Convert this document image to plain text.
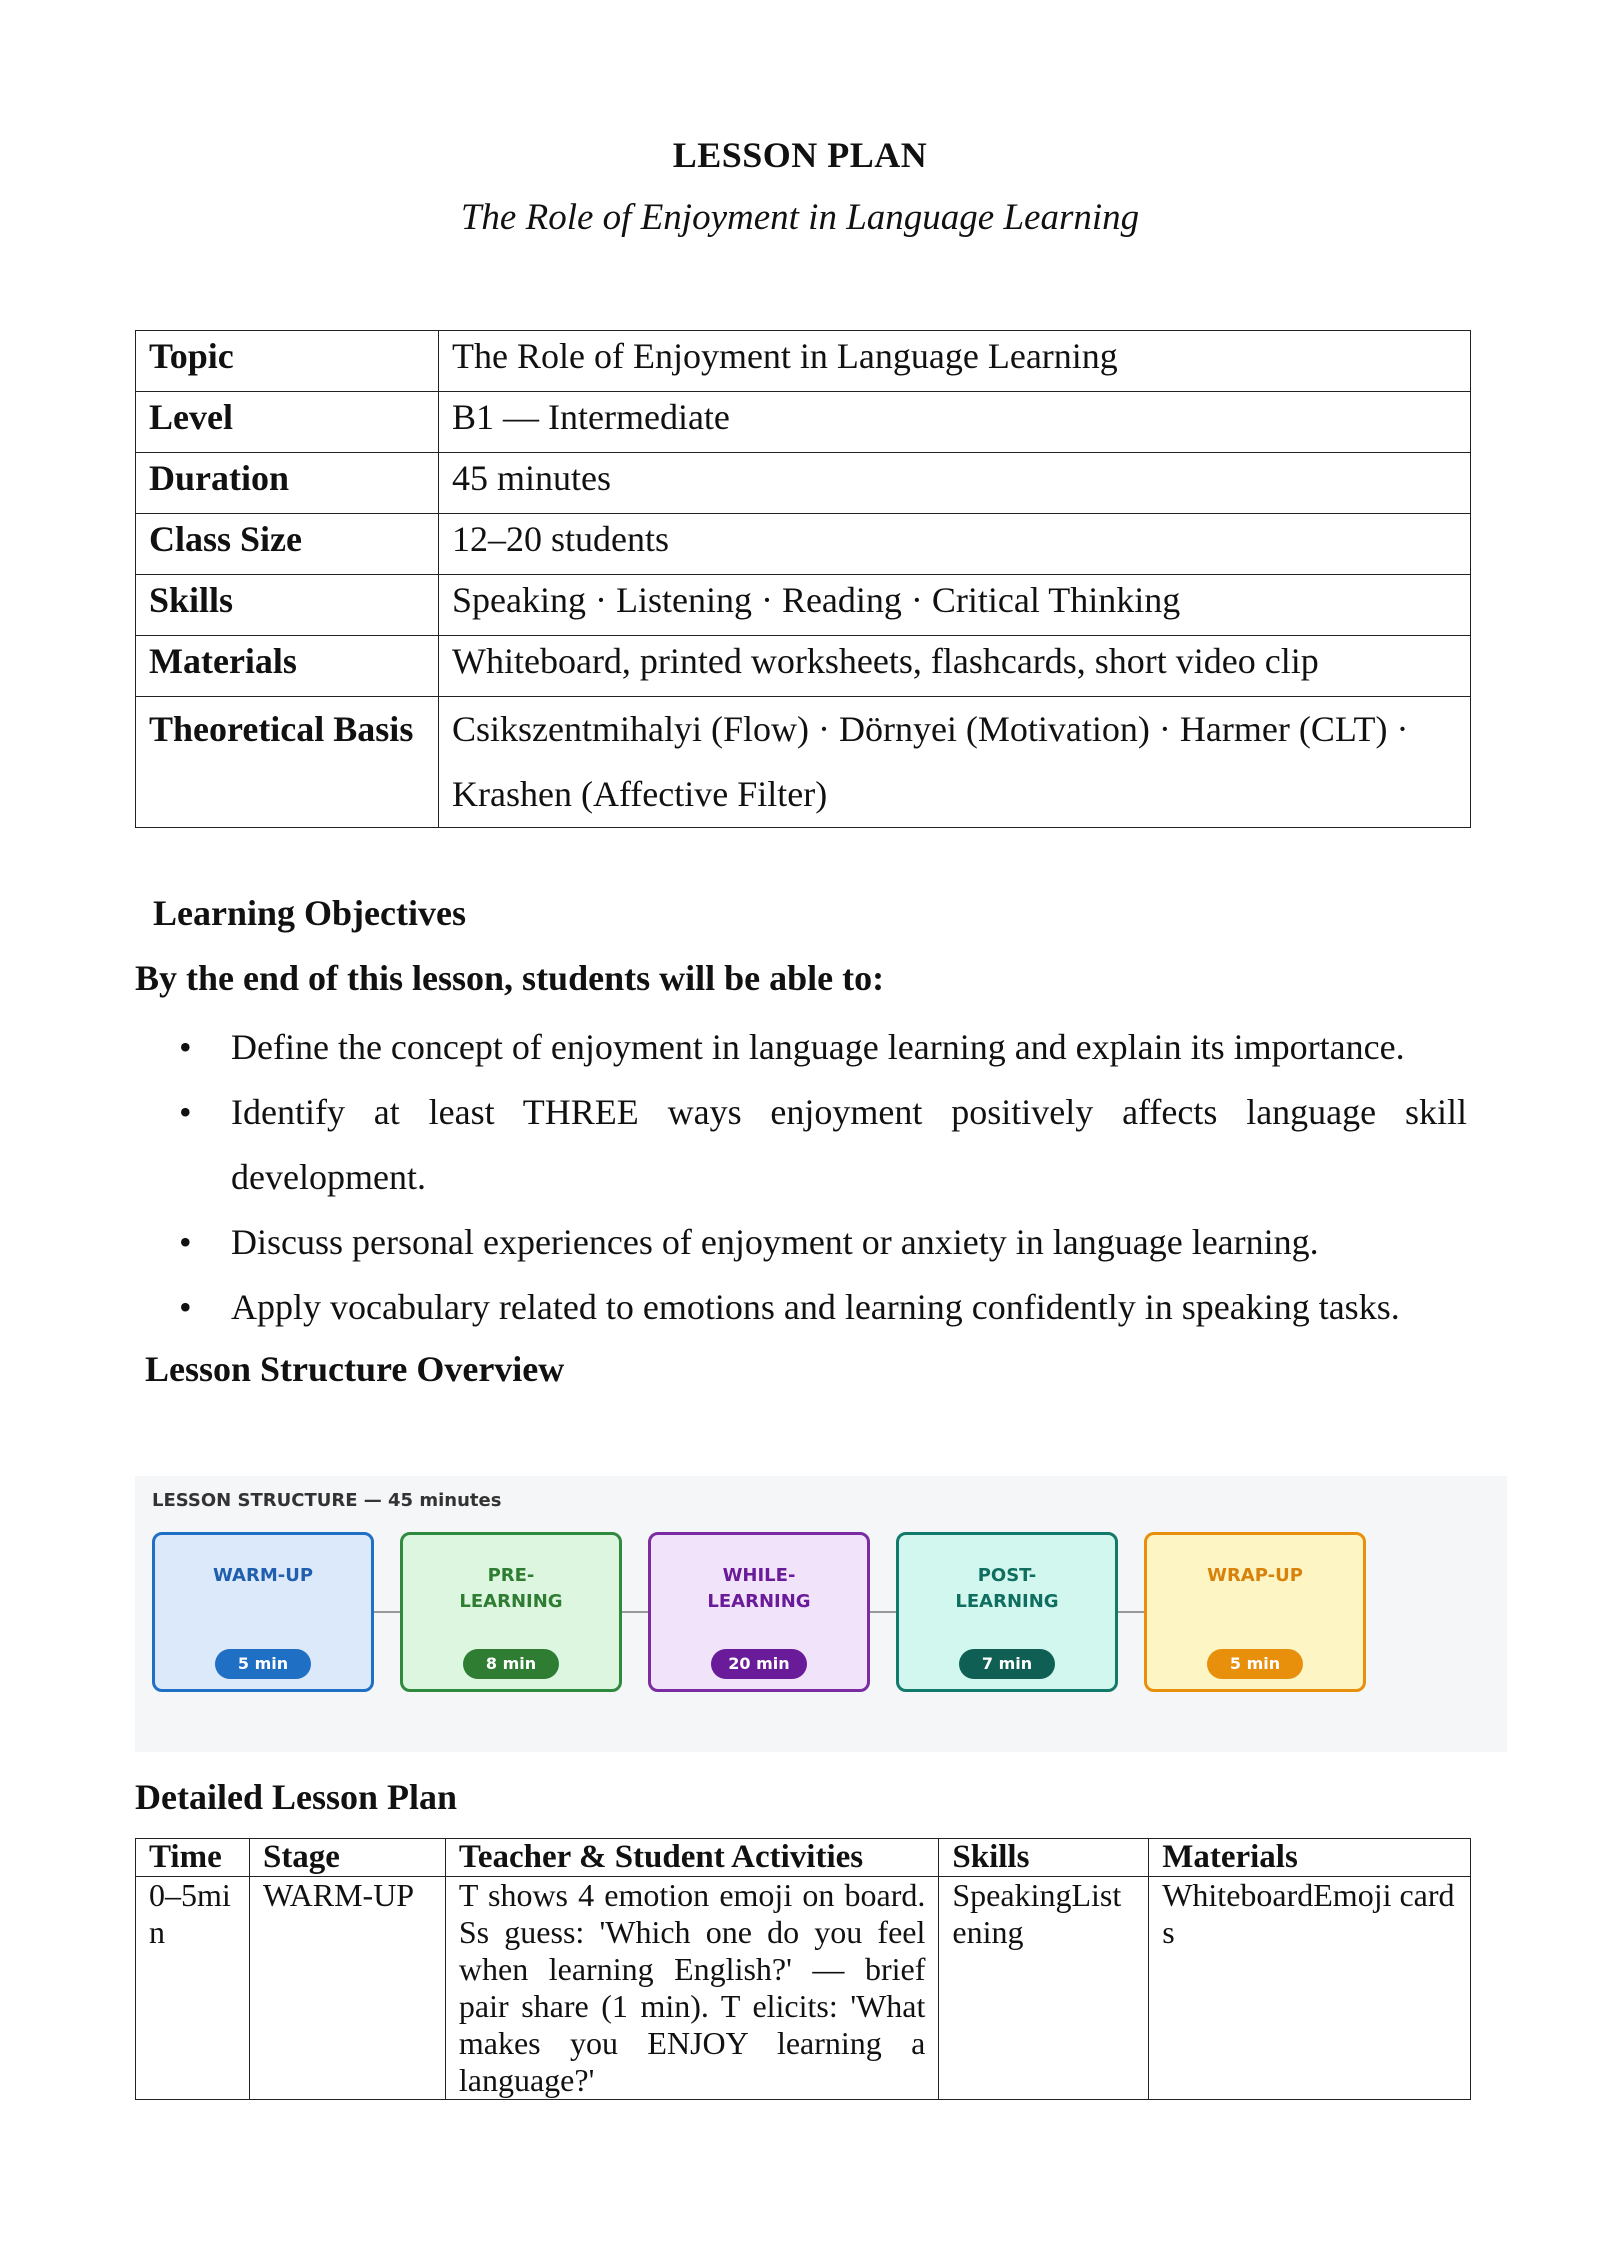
LESSON PLAN
The Role of Enjoyment in Language Learning
Topic	The Role of Enjoyment in Language Learning
Level	B1 — Intermediate
Duration	45 minutes
Class Size	12–20 students
Skills	Speaking · Listening · Reading · Critical Thinking
Materials	Whiteboard, printed worksheets, flashcards, short video clip
Theoretical Basis	Csikszentmihalyi (Flow) · Dörnyei (Motivation) · Harmer (CLT) · Krashen (Affective Filter)
Learning Objectives
By the end of this lesson, students will be able to:
• Define the concept of enjoyment in language learning and explain its importance.
• Identify at least THREE ways enjoyment positively affects language skill development.
• Discuss personal experiences of enjoyment or anxiety in language learning.
• Apply vocabulary related to emotions and learning confidently in speaking tasks.
Lesson Structure Overview
LESSON STRUCTURE — 45 minutes
WARM-UP
5 min
PRE-
LEARNING
8 min
WHILE-
LEARNING
20 min
POST-
LEARNING
7 min
WRAP-UP
5 min
Detailed Lesson Plan
Time	Stage	Teacher & Student Activities	Skills	Materials
0–5min	WARM-UP	T shows 4 emotion emoji on board. Ss guess: 'Which one do you feel when learning English?' — brief pair share (1 min). T elicits: 'What makes you ENJOY learning a language?'	SpeakingListening	WhiteboardEmoji cards
